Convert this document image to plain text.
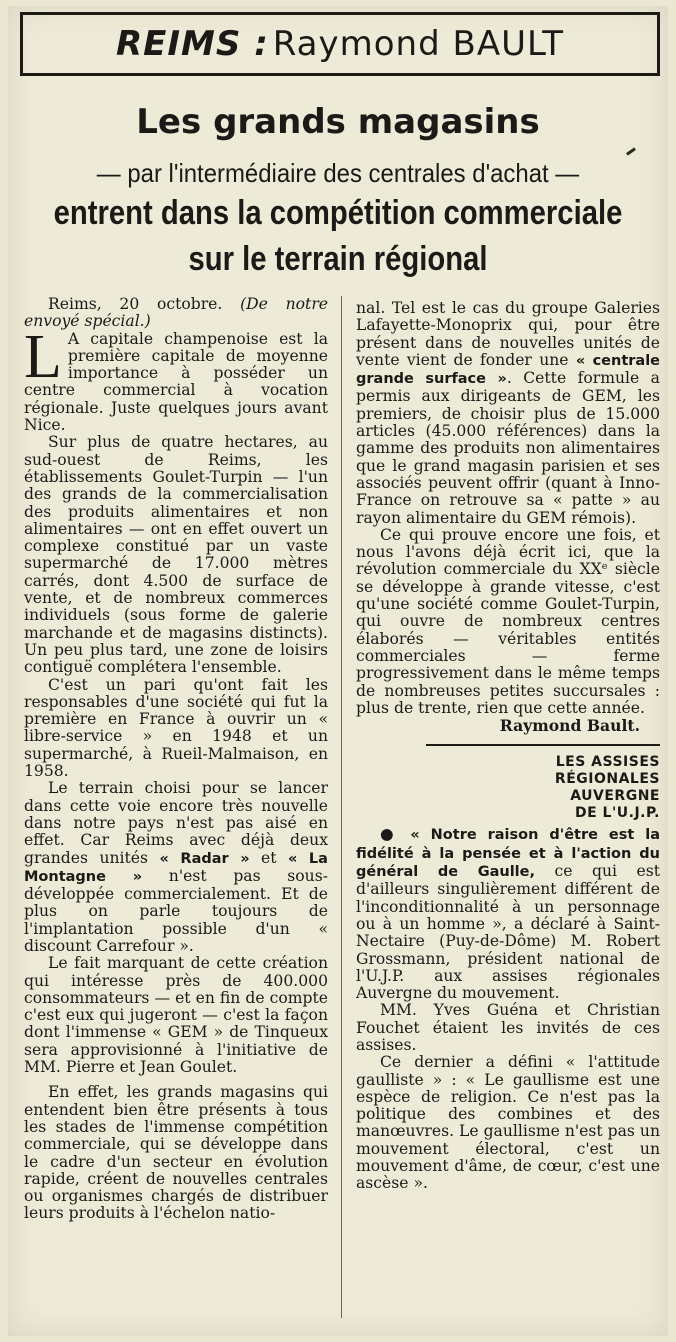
REIMS : Raymond BAULT
Les grands magasins
— par l'intermédiaire des centrales d'achat —
entrent dans la compétition commerciale
sur le terrain régional

Reims, 20 octobre. (De notre envoyé spécial.)

L A capitale champenoise est la première capitale de moyenne importance à posséder un centre commercial à vocation régionale. Juste quelques jours avant Nice.

Sur plus de quatre hectares, au sud-ouest de Reims, les établissements Goulet-Turpin — l'un des grands de la commercialisation des produits alimentaires et non alimentaires — ont en effet ouvert un complexe constitué par un vaste supermarché de 17.000 mètres carrés, dont 4.500 de surface de vente, et de nombreux commerces individuels (sous forme de galerie marchande et de magasins distincts). Un peu plus tard, une zone de loisirs contiguë complétera l'ensemble.

C'est un pari qu'ont fait les responsables d'une société qui fut la première en France à ouvrir un « libre-service » en 1948 et un supermarché, à Rueil-Malmaison, en 1958.

Le terrain choisi pour se lancer dans cette voie encore très nouvelle dans notre pays n'est pas aisé en effet. Car Reims avec déjà deux grandes unités « Radar » et « La Montagne » n'est pas sous-développée commercialement. Et de plus on parle toujours de l'implantation possible d'un « discount Carrefour ».

Le fait marquant de cette création qui intéresse près de 400.000 consommateurs — et en fin de compte c'est eux qui jugeront — c'est la façon dont l'immense « GEM » de Tinqueux sera approvisionné à l'initiative de MM. Pierre et Jean Goulet.

En effet, les grands magasins qui entendent bien être présents à tous les stades de l'immense compétition commerciale, qui se développe dans le cadre d'un secteur en évolution rapide, créent de nouvelles centrales ou organismes chargés de distribuer leurs produits à l'échelon natio-

nal. Tel est le cas du groupe Galeries Lafayette-Monoprix qui, pour être présent dans de nouvelles unités de vente vient de fonder une « centrale grande surface ». Cette formule a permis aux dirigeants de GEM, les premiers, de choisir plus de 15.000 articles (45.000 références) dans la gamme des produits non alimentaires que le grand magasin parisien et ses associés peuvent offrir (quant à Inno-France on retrouve sa « patte » au rayon alimentaire du GEM rémois).

Ce qui prouve encore une fois, et nous l'avons déjà écrit ici, que la révolution commerciale du XXᵉ siècle se développe à grande vitesse, c'est qu'une société comme Goulet-Turpin, qui ouvre de nombreux centres élaborés — véritables entités commerciales — ferme progressivement dans le même temps de nombreuses petites succursales : plus de trente, rien que cette année.

Raymond Bault.

LES ASSISES
RÉGIONALES
AUVERGNE
DE L'U.J.P.

● « Notre raison d'être est la fidélité à la pensée et à l'action du général de Gaulle, ce qui est d'ailleurs singulièrement différent de l'inconditionnalité à un personnage ou à un homme », a déclaré à Saint-Nectaire (Puy-de-Dôme) M. Robert Grossmann, président national de l'U.J.P. aux assises régionales Auvergne du mouvement.

MM. Yves Guéna et Christian Fouchet étaient les invités de ces assises.

Ce dernier a défini « l'attitude gaulliste » : « Le gaullisme est une espèce de religion. Ce n'est pas la politique des combines et des manœuvres. Le gaullisme n'est pas un mouvement électoral, c'est un mouvement d'âme, de cœur, c'est une ascèse ».
